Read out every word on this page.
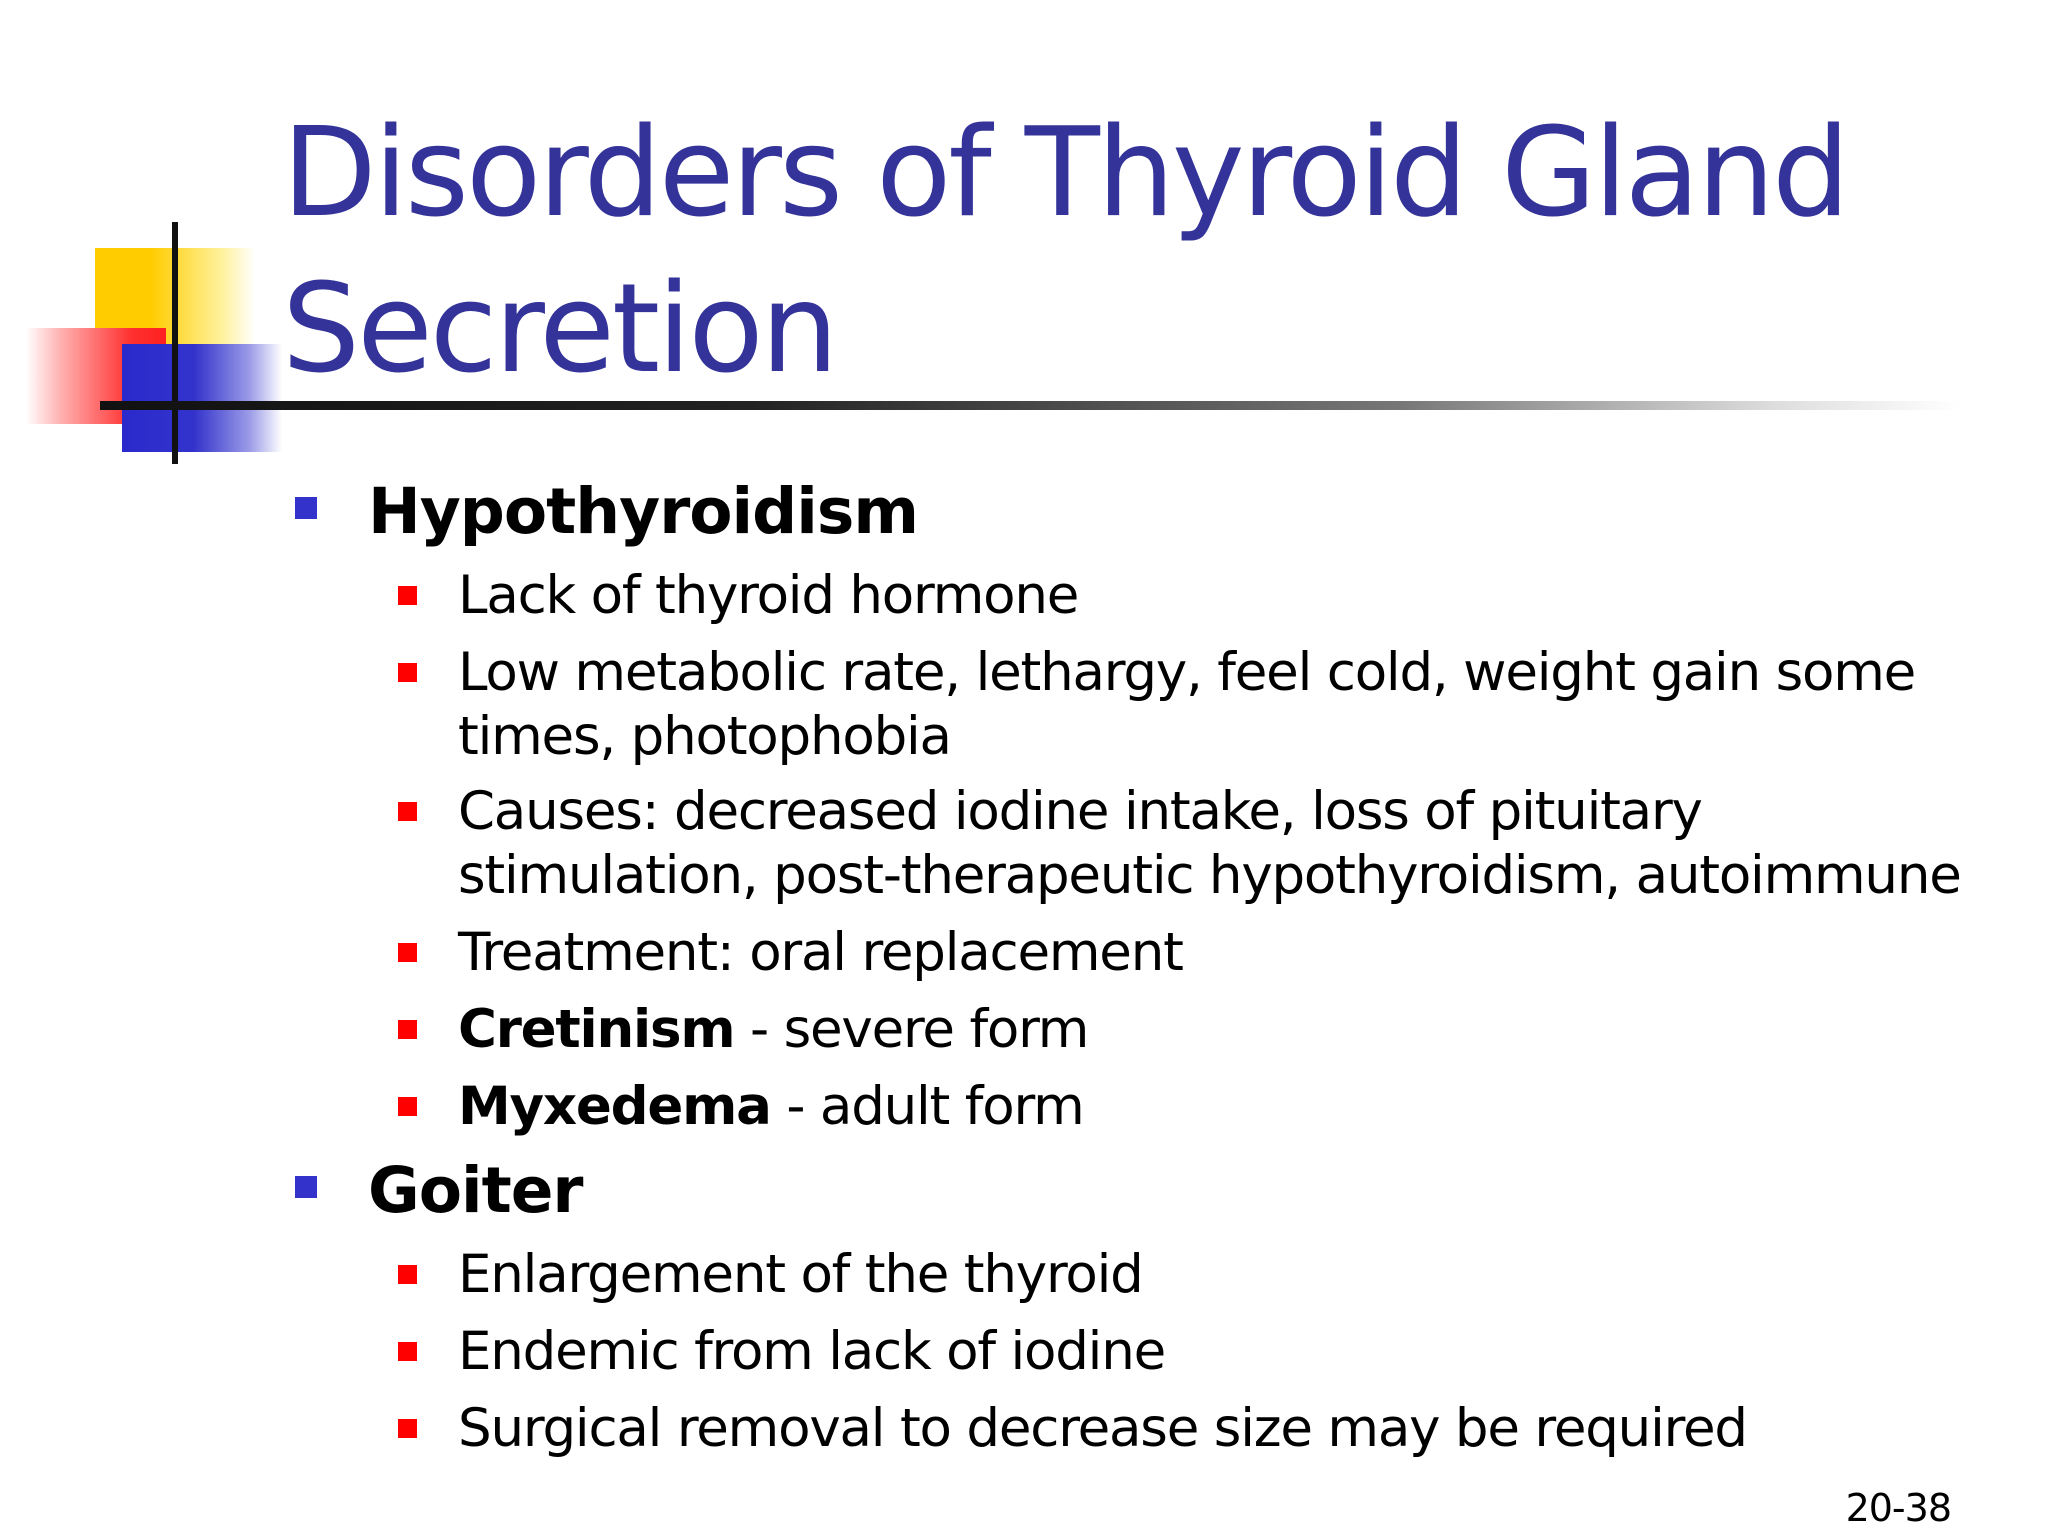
Disorders of Thyroid Gland Secretion
Hypothyroidism
Lack of thyroid hormone
Low metabolic rate, lethargy, feel cold, weight gain some times, photophobia
Causes: decreased iodine intake, loss of pituitary stimulation, post-therapeutic hypothyroidism, autoimmune
Treatment: oral replacement
Cretinism - severe form
Myxedema - adult form
Goiter
Enlargement of the thyroid
Endemic from lack of iodine
Surgical removal to decrease size may be required
20-38
